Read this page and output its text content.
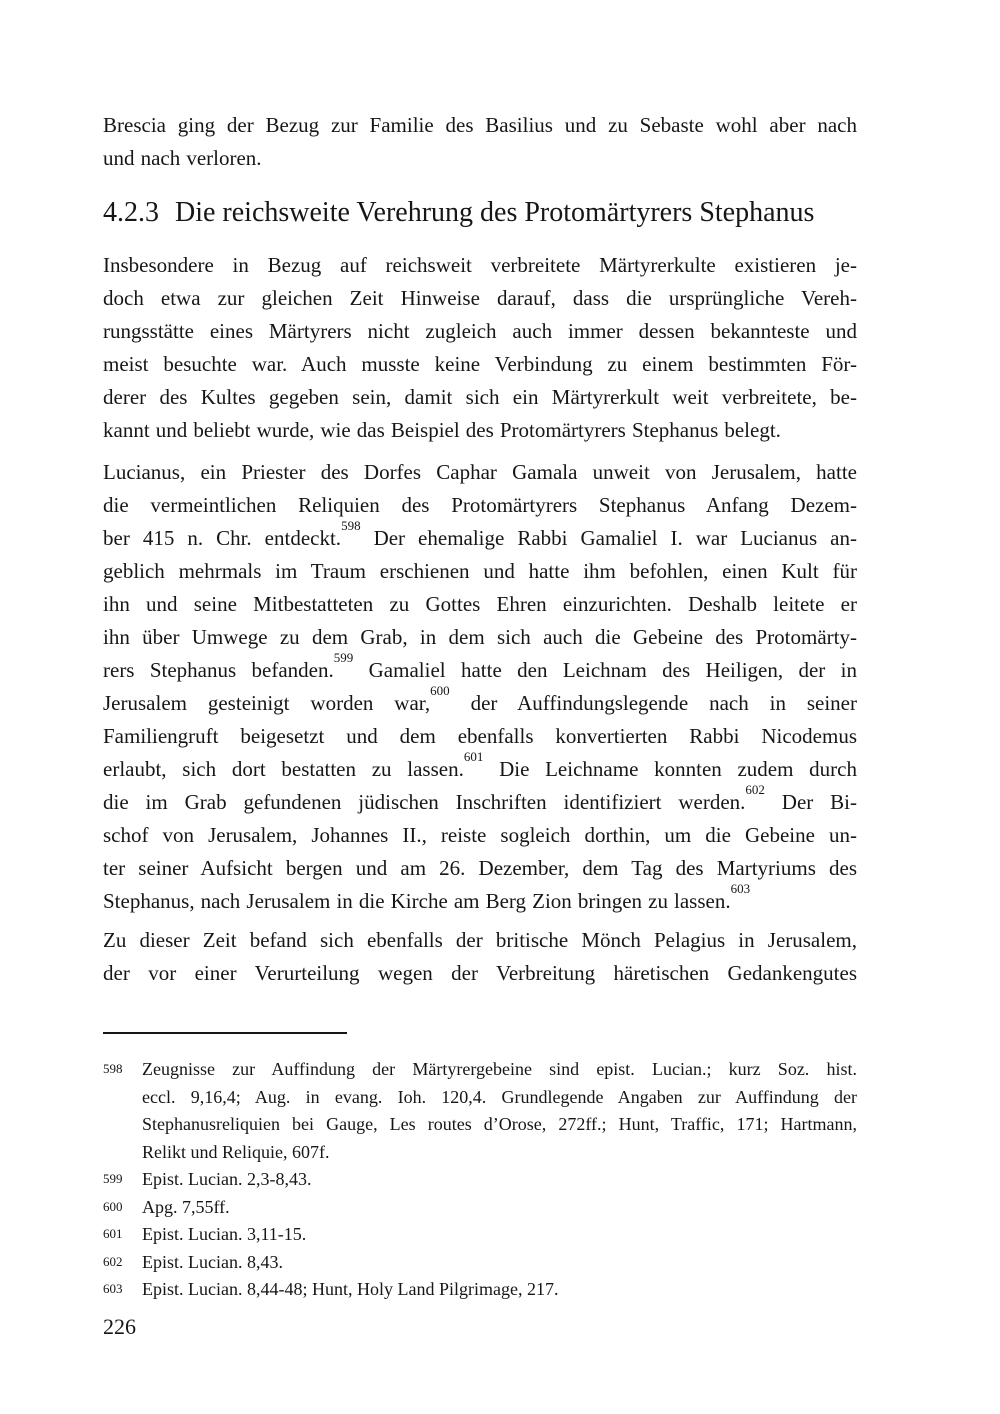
Brescia ging der Bezug zur Familie des Basilius und zu Sebaste wohl aber nach
und nach verloren.
4.2.3 Die reichsweite Verehrung des Protomärtyrers Stephanus
Insbesondere in Bezug auf reichsweit verbreitete Märtyrerkulte existieren je-
doch etwa zur gleichen Zeit Hinweise darauf, dass die ursprüngliche Vereh-
rungsstätte eines Märtyrers nicht zugleich auch immer dessen bekannteste und
meist besuchte war. Auch musste keine Verbindung zu einem bestimmten För-
derer des Kultes gegeben sein, damit sich ein Märtyrerkult weit verbreitete, be-
kannt und beliebt wurde, wie das Beispiel des Protomärtyrers Stephanus belegt.
Lucianus, ein Priester des Dorfes Caphar Gamala unweit von Jerusalem, hatte
die vermeintlichen Reliquien des Protomärtyrers Stephanus Anfang Dezem-
ber 415 n. Chr. entdeckt.$^{598}$ Der ehemalige Rabbi Gamaliel I. war Lucianus an-
geblich mehrmals im Traum erschienen und hatte ihm befohlen, einen Kult für
ihn und seine Mitbestatteten zu Gottes Ehren einzurichten. Deshalb leitete er
ihn über Umwege zu dem Grab, in dem sich auch die Gebeine des Protomärty-
rers Stephanus befanden.$^{599}$ Gamaliel hatte den Leichnam des Heiligen, der in
Jerusalem gesteinigt worden war,$^{600}$ der Auffindungslegende nach in seiner
Familiengruft beigesetzt und dem ebenfalls konvertierten Rabbi Nicodemus
erlaubt, sich dort bestatten zu lassen.$^{601}$ Die Leichname konnten zudem durch
die im Grab gefundenen jüdischen Inschriften identifiziert werden.$^{602}$ Der Bi-
schof von Jerusalem, Johannes II., reiste sogleich dorthin, um die Gebeine un-
ter seiner Aufsicht bergen und am 26. Dezember, dem Tag des Martyriums des
Stephanus, nach Jerusalem in die Kirche am Berg Zion bringen zu lassen.$^{603}$
Zu dieser Zeit befand sich ebenfalls der britische Mönch Pelagius in Jerusalem,
der vor einer Verurteilung wegen der Verbreitung häretischen Gedankengutes
598 Zeugnisse zur Auffindung der Märtyrergebeine sind epist. Lucian.; kurz Soz. hist.
eccl. 9,16,4; Aug. in evang. Ioh. 120,4. Grundlegende Angaben zur Auffindung der
Stephanusreliquien bei Gauge, Les routes d’Orose, 272ff.; Hunt, Traffic, 171; Hartmann,
Relikt und Reliquie, 607f.
599 Epist. Lucian. 2,3-8,43.
600 Apg. 7,55ff.
601 Epist. Lucian. 3,11-15.
602 Epist. Lucian. 8,43.
603 Epist. Lucian. 8,44-48; Hunt, Holy Land Pilgrimage, 217.
226
